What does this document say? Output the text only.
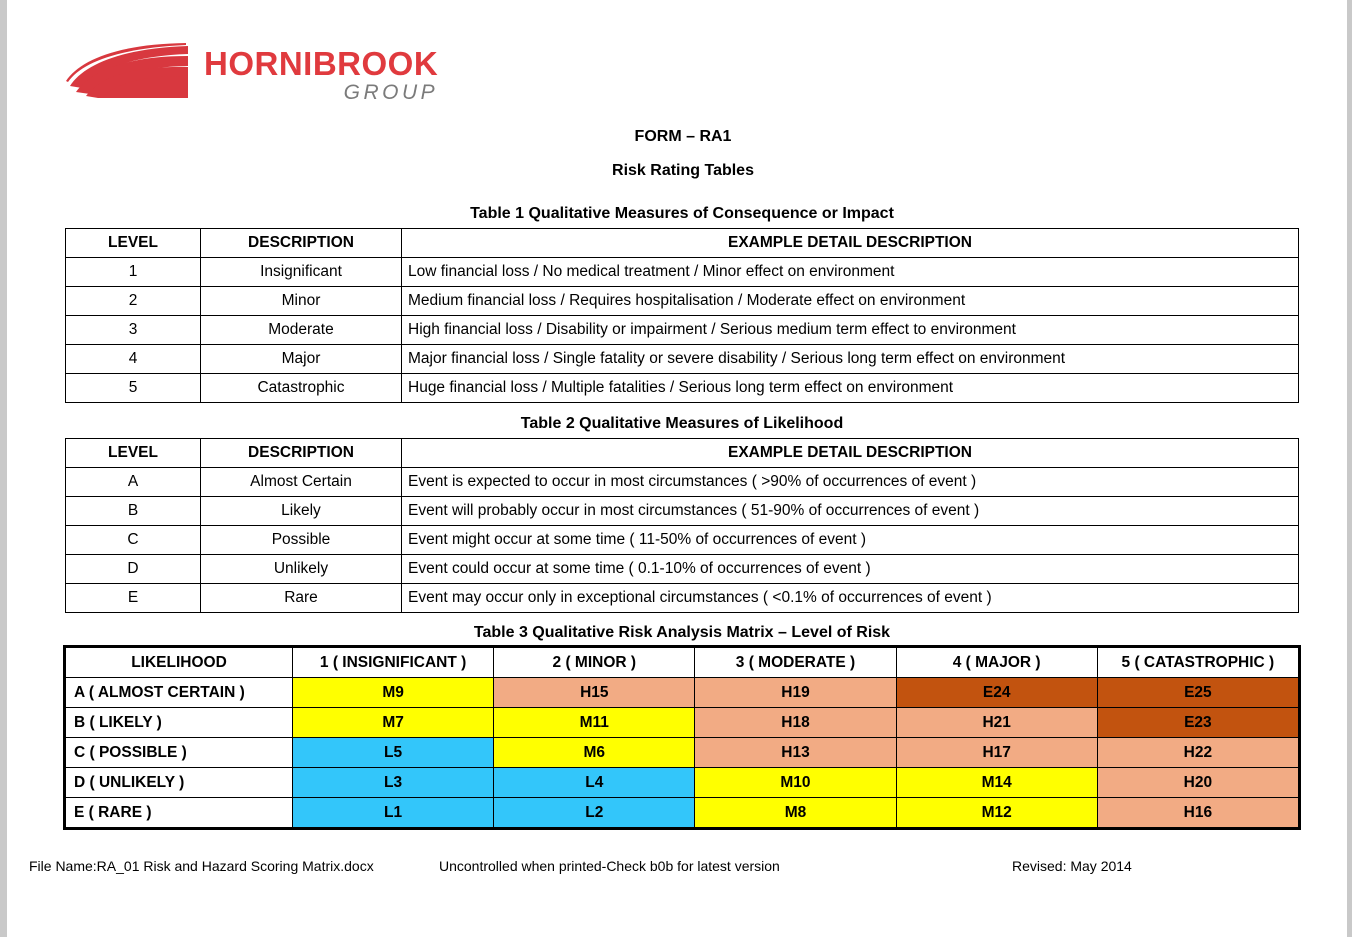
HORNIBROOK
GROUP
FORM – RA1
Risk Rating Tables
Table 1 Qualitative Measures of Consequence or Impact
LEVEL	DESCRIPTION	EXAMPLE DETAIL DESCRIPTION
1	Insignificant	Low financial loss / No medical treatment / Minor effect on environment
2	Minor	Medium financial loss / Requires hospitalisation / Moderate effect on environment
3	Moderate	High financial loss / Disability or impairment / Serious medium term effect to environment
4	Major	Major financial loss / Single fatality or severe disability / Serious long term effect on environment
5	Catastrophic	Huge financial loss / Multiple fatalities / Serious long term effect on environment
Table 2 Qualitative Measures of Likelihood
LEVEL	DESCRIPTION	EXAMPLE DETAIL DESCRIPTION
A	Almost Certain	Event is expected to occur in most circumstances ( >90% of occurrences of event )
B	Likely	Event will probably occur in most circumstances ( 51-90% of occurrences of event )
C	Possible	Event might occur at some time ( 11-50% of occurrences of event )
D	Unlikely	Event could occur at some time ( 0.1-10% of occurrences of event )
E	Rare	Event may occur only in exceptional circumstances ( <0.1% of occurrences of event )
Table 3 Qualitative Risk Analysis Matrix – Level of Risk
LIKELIHOOD	1 ( INSIGNIFICANT )	2 ( MINOR )	3 ( MODERATE )	4 ( MAJOR )	5 ( CATASTROPHIC )
A ( ALMOST CERTAIN )	M9	H15	H19	E24	E25
B ( LIKELY )	M7	M11	H18	H21	E23
C ( POSSIBLE )	L5	M6	H13	H17	H22
D ( UNLIKELY )	L3	L4	M10	M14	H20
E ( RARE )	L1	L2	M8	M12	H16
File Name:RA_01 Risk and Hazard Scoring Matrix.docx	Uncontrolled when printed-Check b0b for latest version	Revised: May 2014
